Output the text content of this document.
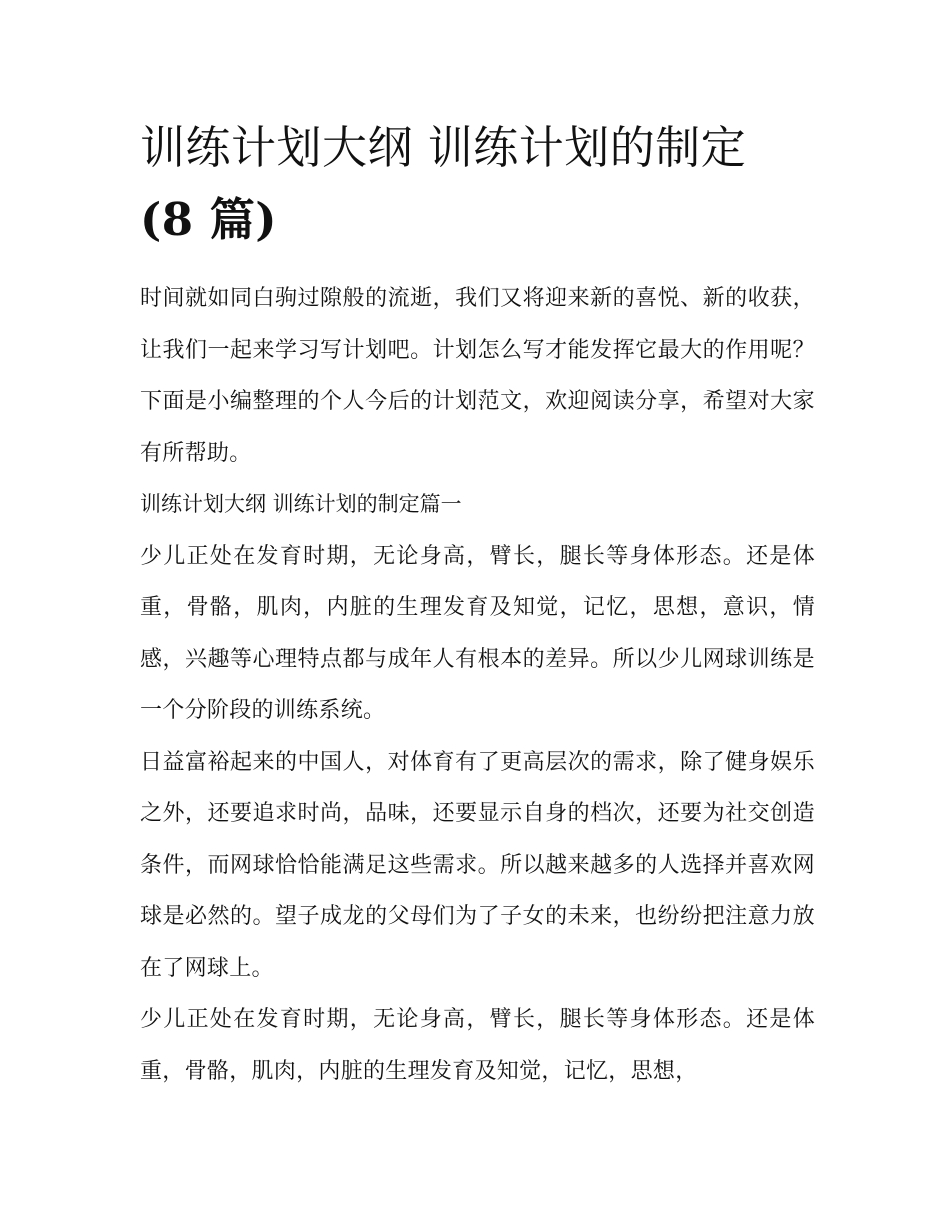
训练计划大纲 训练计划的制定
(8 篇)

时间就如同白驹过隙般的流逝，我们又将迎来新的喜悦、新的收获，让我们一起来学习写计划吧。计划怎么写才能发挥它最大的作用呢？下面是小编整理的个人今后的计划范文，欢迎阅读分享，希望对大家有所帮助。

训练计划大纲 训练计划的制定篇一

少儿正处在发育时期，无论身高，臂长，腿长等身体形态。还是体重，骨骼，肌肉，内脏的生理发育及知觉，记忆，思想，意识，情感，兴趣等心理特点都与成年人有根本的差异。所以少儿网球训练是一个分阶段的训练系统。

日益富裕起来的中国人，对体育有了更高层次的需求，除了健身娱乐之外，还要追求时尚，品味，还要显示自身的档次，还要为社交创造条件，而网球恰恰能满足这些需求。所以越来越多的人选择并喜欢网球是必然的。望子成龙的父母们为了子女的未来，也纷纷把注意力放在了网球上。

少儿正处在发育时期，无论身高，臂长，腿长等身体形态。还是体重，骨骼，肌肉，内脏的生理发育及知觉，记忆，思想，
